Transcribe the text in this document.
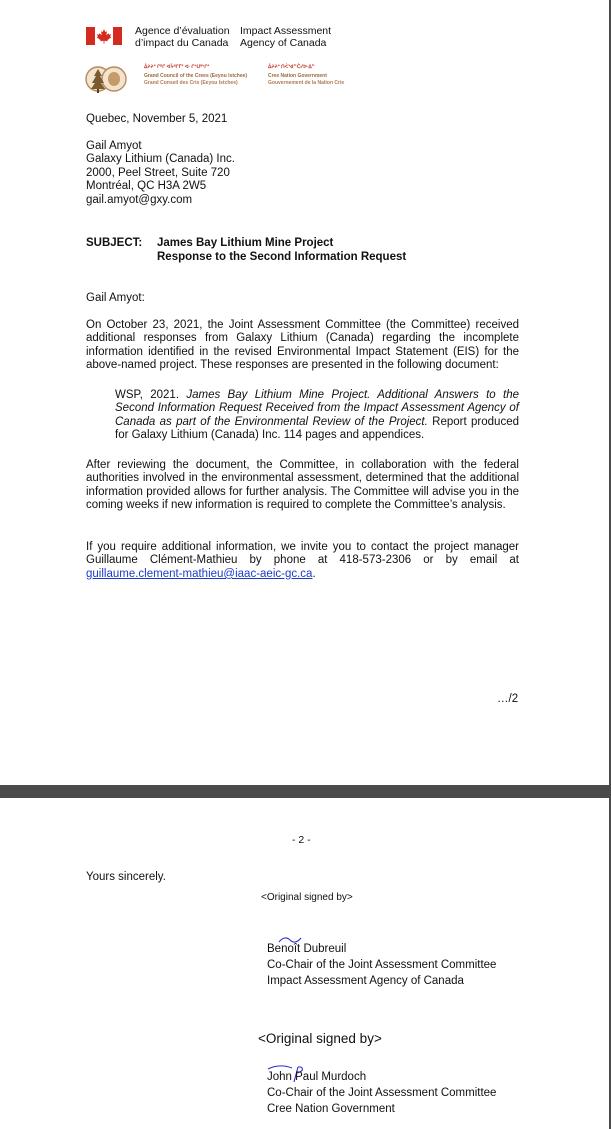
Agence d’évaluation
d’impact du Canada
Impact Assessment
Agency of Canada
ᐄᔨᔨᐤ ᒋᐦᒋ ᐊᔮᐦᒋᒥᐤ ᐊᐧ ᒋᔅᑌᐦᔅᒋᐤ
Grand Council of the Crees (Eeyou Istchee)
Grand Conseil des Cris (Eeyou Istchee)
ᐄᔨᔨᐤ ᑎᐹᔅᑯᓐᑖᓯᐅᐧᐃᓐ
Cree Nation Government
Gouvernement de la Nation Crie
Quebec, November 5, 2021
Gail Amyot
Galaxy Lithium (Canada) Inc.
2000, Peel Street, Suite 720
Montréal, QC H3A 2W5
gail.amyot@gxy.com
SUBJECT: James Bay Lithium Mine Project
Response to the Second Information Request
Gail Amyot:
On October 23, 2021, the Joint Assessment Committee (the Committee) received additional responses from Galaxy Lithium (Canada) regarding the incomplete information identified in the revised Environmental Impact Statement (EIS) for the above-named project. These responses are presented in the following document:
WSP, 2021. James Bay Lithium Mine Project. Additional Answers to the Second Information Request Received from the Impact Assessment Agency of Canada as part of the Environmental Review of the Project. Report produced for Galaxy Lithium (Canada) Inc. 114 pages and appendices.
After reviewing the document, the Committee, in collaboration with the federal authorities involved in the environmental assessment, determined that the additional information provided allows for further analysis. The Committee will advise you in the coming weeks if new information is required to complete the Committee’s analysis.
If you require additional information, we invite you to contact the project manager Guillaume Clément-Mathieu by phone at 418-573-2306 or by email at guillaume.clement-mathieu@iaac-aeic-gc.ca.
…/2
- 2 -
Yours sincerely.
<Original signed by>
Benoît Dubreuil
Co-Chair of the Joint Assessment Committee
Impact Assessment Agency of Canada
<Original signed by>
John Paul Murdoch
Co-Chair of the Joint Assessment Committee
Cree Nation Government
